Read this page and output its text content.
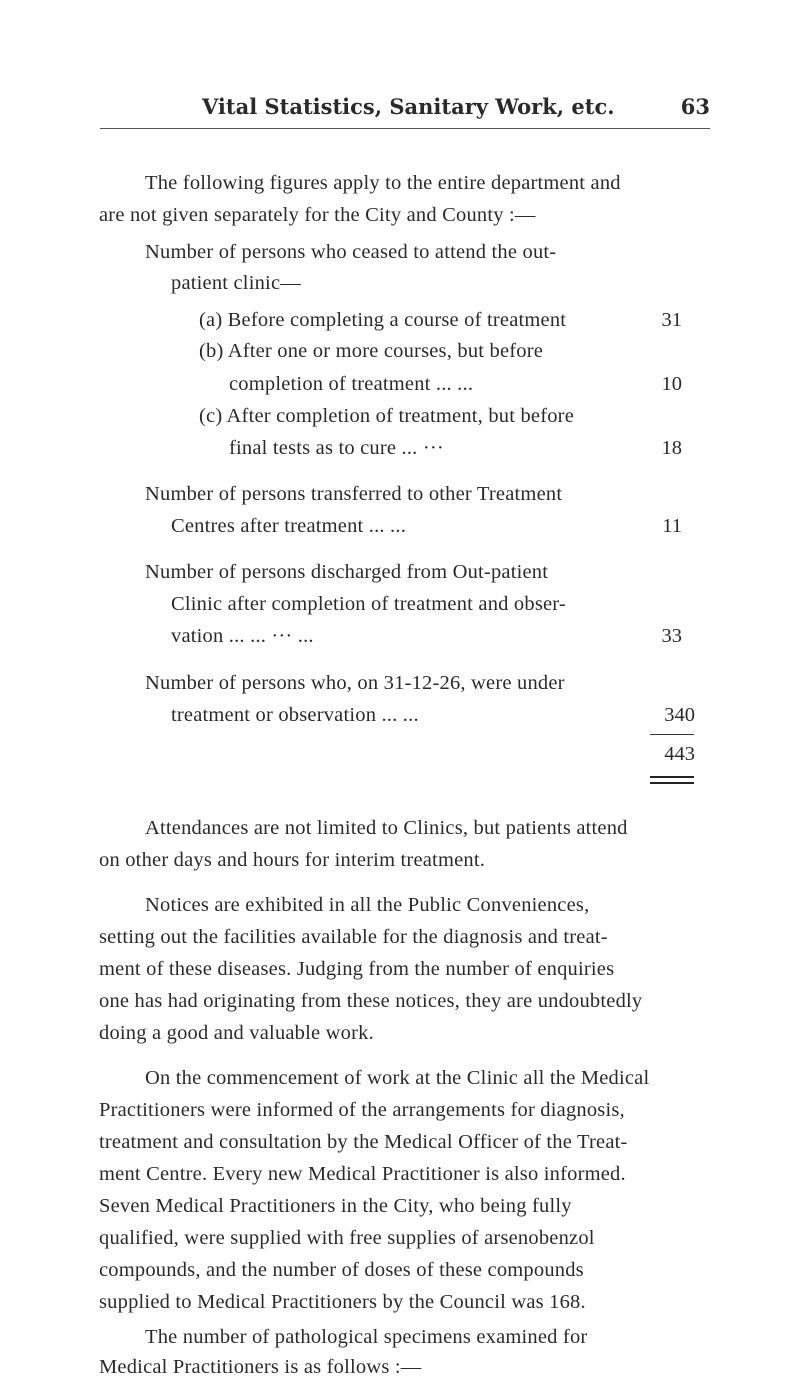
Vital Statistics, Sanitary Work, etc.	63
The following figures apply to the entire department and
are not given separately for the City and County :—
Number of persons who ceased to attend the out-
patient clinic—
(a) Before completing a course of treatment	31
(b) After one or more courses, but before
completion of treatment ... ...	10
(c) After completion of treatment, but before
final tests as to cure ... ···	18
Number of persons transferred to other Treatment
Centres after treatment ... ...	11
Number of persons discharged from Out-patient
Clinic after completion of treatment and obser-
vation ... ... ··· ...	33
Number of persons who, on 31-12-26, were under
treatment or observation ... ...	340
443
Attendances are not limited to Clinics, but patients attend
on other days and hours for interim treatment.
Notices are exhibited in all the Public Conveniences,
setting out the facilities available for the diagnosis and treat-
ment of these diseases. Judging from the number of enquiries
one has had originating from these notices, they are undoubtedly
doing a good and valuable work.
On the commencement of work at the Clinic all the Medical
Practitioners were informed of the arrangements for diagnosis,
treatment and consultation by the Medical Officer of the Treat-
ment Centre. Every new Medical Practitioner is also informed.
Seven Medical Practitioners in the City, who being fully
qualified, were supplied with free supplies of arsenobenzol
compounds, and the number of doses of these compounds
supplied to Medical Practitioners by the Council was 168.
The number of pathological specimens examined for
Medical Practitioners is as follows :—
